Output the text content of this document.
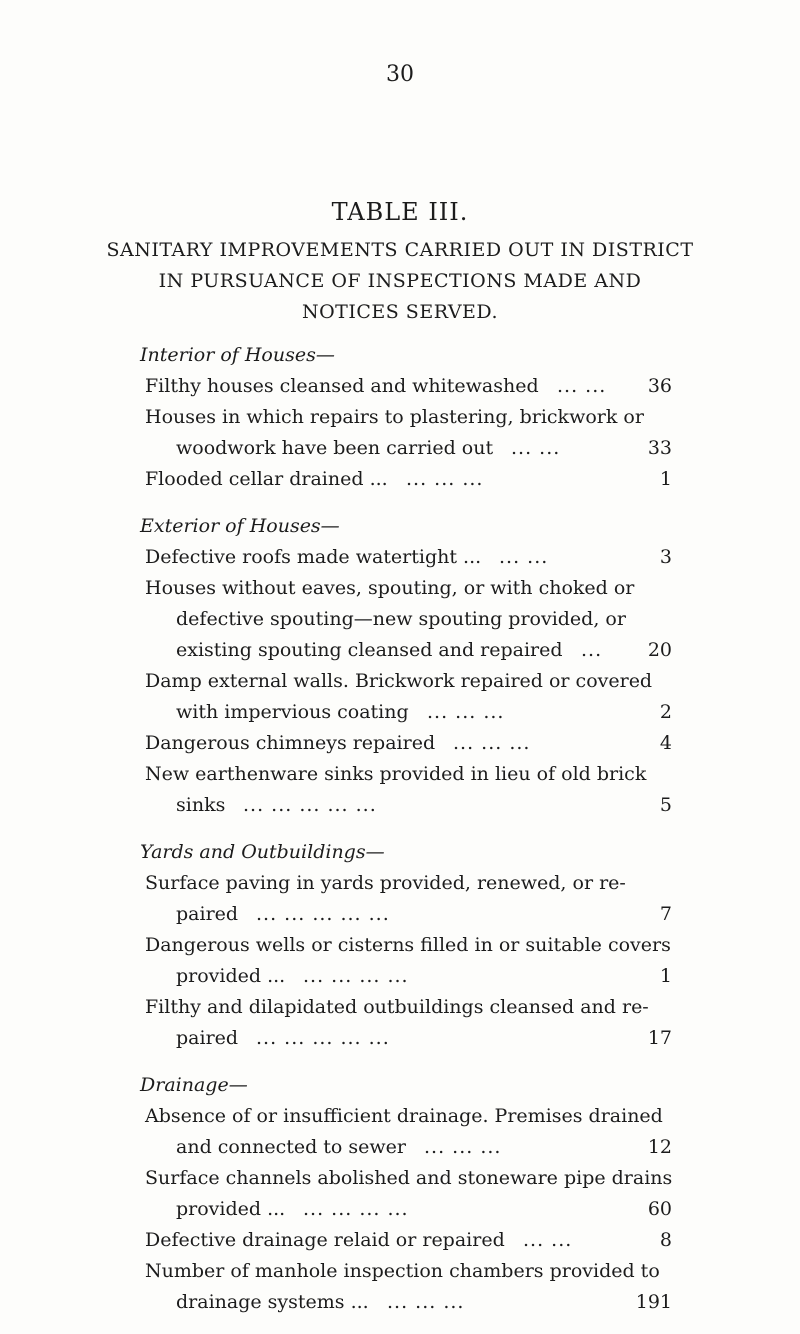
30
TABLE III.
SANITARY IMPROVEMENTS CARRIED OUT IN DISTRICT
IN PURSUANCE OF INSPECTIONS MADE AND
NOTICES SERVED.
Interior of Houses—
Filthy houses cleansed and whitewashed ... ... 36
Houses in which repairs to plastering, brickwork or
woodwork have been carried out ... ...	33
Flooded cellar drained ... ... ... ...	1
Exterior of Houses—
Defective roofs made watertight ... ... ...	3
Houses without eaves, spouting, or with choked or
defective spouting—new spouting provided, or
existing spouting cleansed and repaired ... 20
Damp external walls. Brickwork repaired or covered
with impervious coating ... ... ...	2
Dangerous chimneys repaired ... ... ...	4
New earthenware sinks provided in lieu of old brick
sinks ... ... ... ... ...	5
Yards and Outbuildings—
Surface paving in yards provided, renewed, or re-
paired ... ... ... ... ...	7
Dangerous wells or cisterns filled in or suitable covers
provided ... ... ... ... ...	1
Filthy and dilapidated outbuildings cleansed and re-
paired ... ... ... ... ...	17
Drainage—
Absence of or insufficient drainage. Premises drained
and connected to sewer ... ... ...	12
Surface channels abolished and stoneware pipe drains
provided ... ... ... ... ...	60
Defective drainage relaid or repaired ... ...	8
Number of manhole inspection chambers provided to
drainage systems ... ... ... ...	191
